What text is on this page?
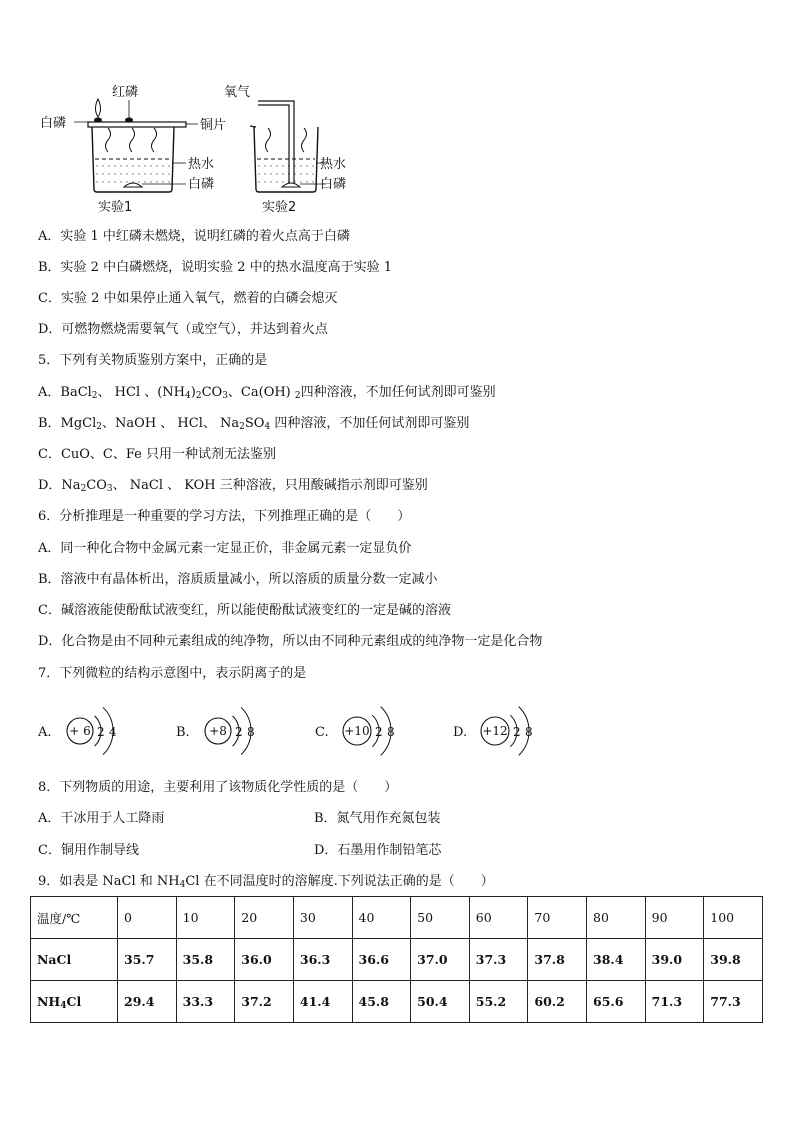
红磷
白磷	铜片
热水
白磷
实验1
氧气
热水
白磷
实验2
A．实验 1 中红磷未燃烧，说明红磷的着火点高于白磷
B．实验 2 中白磷燃烧，说明实验 2 中的热水温度高于实验 1
C．实验 2 中如果停止通入氧气，燃着的白磷会熄灭
D．可燃物燃烧需要氧气（或空气），并达到着火点
5．下列有关物质鉴别方案中，正确的是
A．BaCl$_2$、 HCl 、$(NH_4)_2CO_3$、Ca(OH) $_2$四种溶液，不加任何试剂即可鉴别
B．MgCl$_2$、NaOH 、 HCl、 $Na_2SO_4$ 四种溶液，不加任何试剂即可鉴别
C．CuO、C、Fe 只用一种试剂无法鉴别
D．$Na_2CO_3$、 NaCl 、 KOH 三种溶液，只用酸碱指示剂即可鉴别
6．分析推理是一种重要的学习方法，下列推理正确的是（　　）
A．同一种化合物中金属元素一定显正价，非金属元素一定显负价
B．溶液中有晶体析出，溶质质量减小，所以溶质的质量分数一定减小
C．碱溶液能使酚酞试液变红，所以能使酚酞试液变红的一定是碱的溶液
D．化合物是由不同种元素组成的纯净物，所以由不同种元素组成的纯净物一定是化合物
7．下列微粒的结构示意图中，表示阴离子的是
A. + 6 2 4	B. +8 2 8	C. +10 2 8	D. +12 2 8
8．下列物质的用途，主要利用了该物质化学性质的是（　　）
A．干冰用于人工降雨	B．氮气用作充氮包装
C．铜用作制导线	D．石墨用作制铅笔芯
9．如表是 NaCl 和 $NH_4Cl$ 在不同温度时的溶解度.下列说法正确的是（　　）
温度/℃	0	10	20	30	40	50	60	70	80	90	100
NaCl	35.7	35.8	36.0	36.3	36.6	37.0	37.3	37.8	38.4	39.0	39.8
$NH_4Cl$	29.4	33.3	37.2	41.4	45.8	50.4	55.2	60.2	65.6	71.3	77.3
